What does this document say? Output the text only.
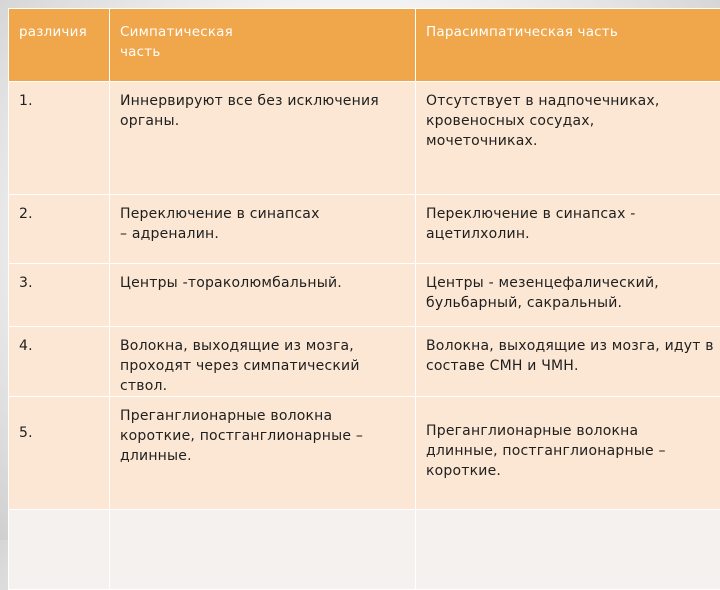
различия	Симпатическая часть	Парасимпатическая часть
1.	Иннервируют все без исключения органы.	Отсутствует в надпочечниках, кровеносных сосудах, мочеточниках.

2.	Переключение в синапсах – адреналин.	Переключение в синапсах - ацетилхолин.

3.	Центры -тораколюмбальный.	Центры - мезенцефалический, бульбарный, сакральный.
4.	Волокна, выходящие из мозга, проходят через симпатический ствол.	Волокна, выходящие из мозга, идут в составе СМН и ЧМН.
5.	Преганглионарные волокна короткие, постганглионарные – длинные.	Преганглионарные волокна длинные, постганглионарные – короткие.
